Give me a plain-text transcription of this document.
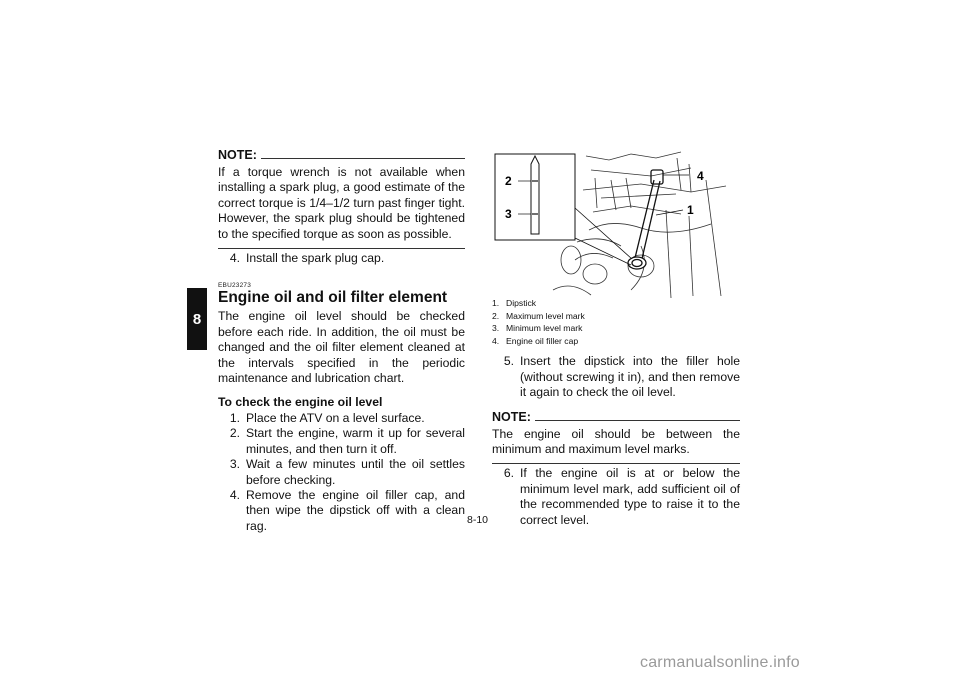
8
NOTE:

If a torque wrench is not available when installing a spark plug, a good estimate of the correct torque is 1/4–1/2 turn past finger tight. However, the spark plug should be tightened to the specified torque as soon as possible.

4. Install the spark plug cap.
EBU23273
Engine oil and oil filter element

The engine oil level should be checked before each ride. In addition, the oil must be changed and the oil filter element cleaned at the intervals specified in the periodic maintenance and lubrication chart.

To check the engine oil level
1. Place the ATV on a level surface.
2. Start the engine, warm it up for several minutes, and then turn it off.
3. Wait a few minutes until the oil settles before checking.
4. Remove the engine oil filler cap, and then wipe the dipstick off with a clean rag.
2
3
4
1
1. Dipstick
2. Maximum level mark
3. Minimum level mark
4. Engine oil filler cap
5. Insert the dipstick into the filler hole (without screwing it in), and then remove it again to check the oil level.
NOTE:

The engine oil should be between the minimum and maximum level marks.

6. If the engine oil is at or below the minimum level mark, add sufficient oil of the recommended type to raise it to the correct level.
8-10
carmanualsonline.info
